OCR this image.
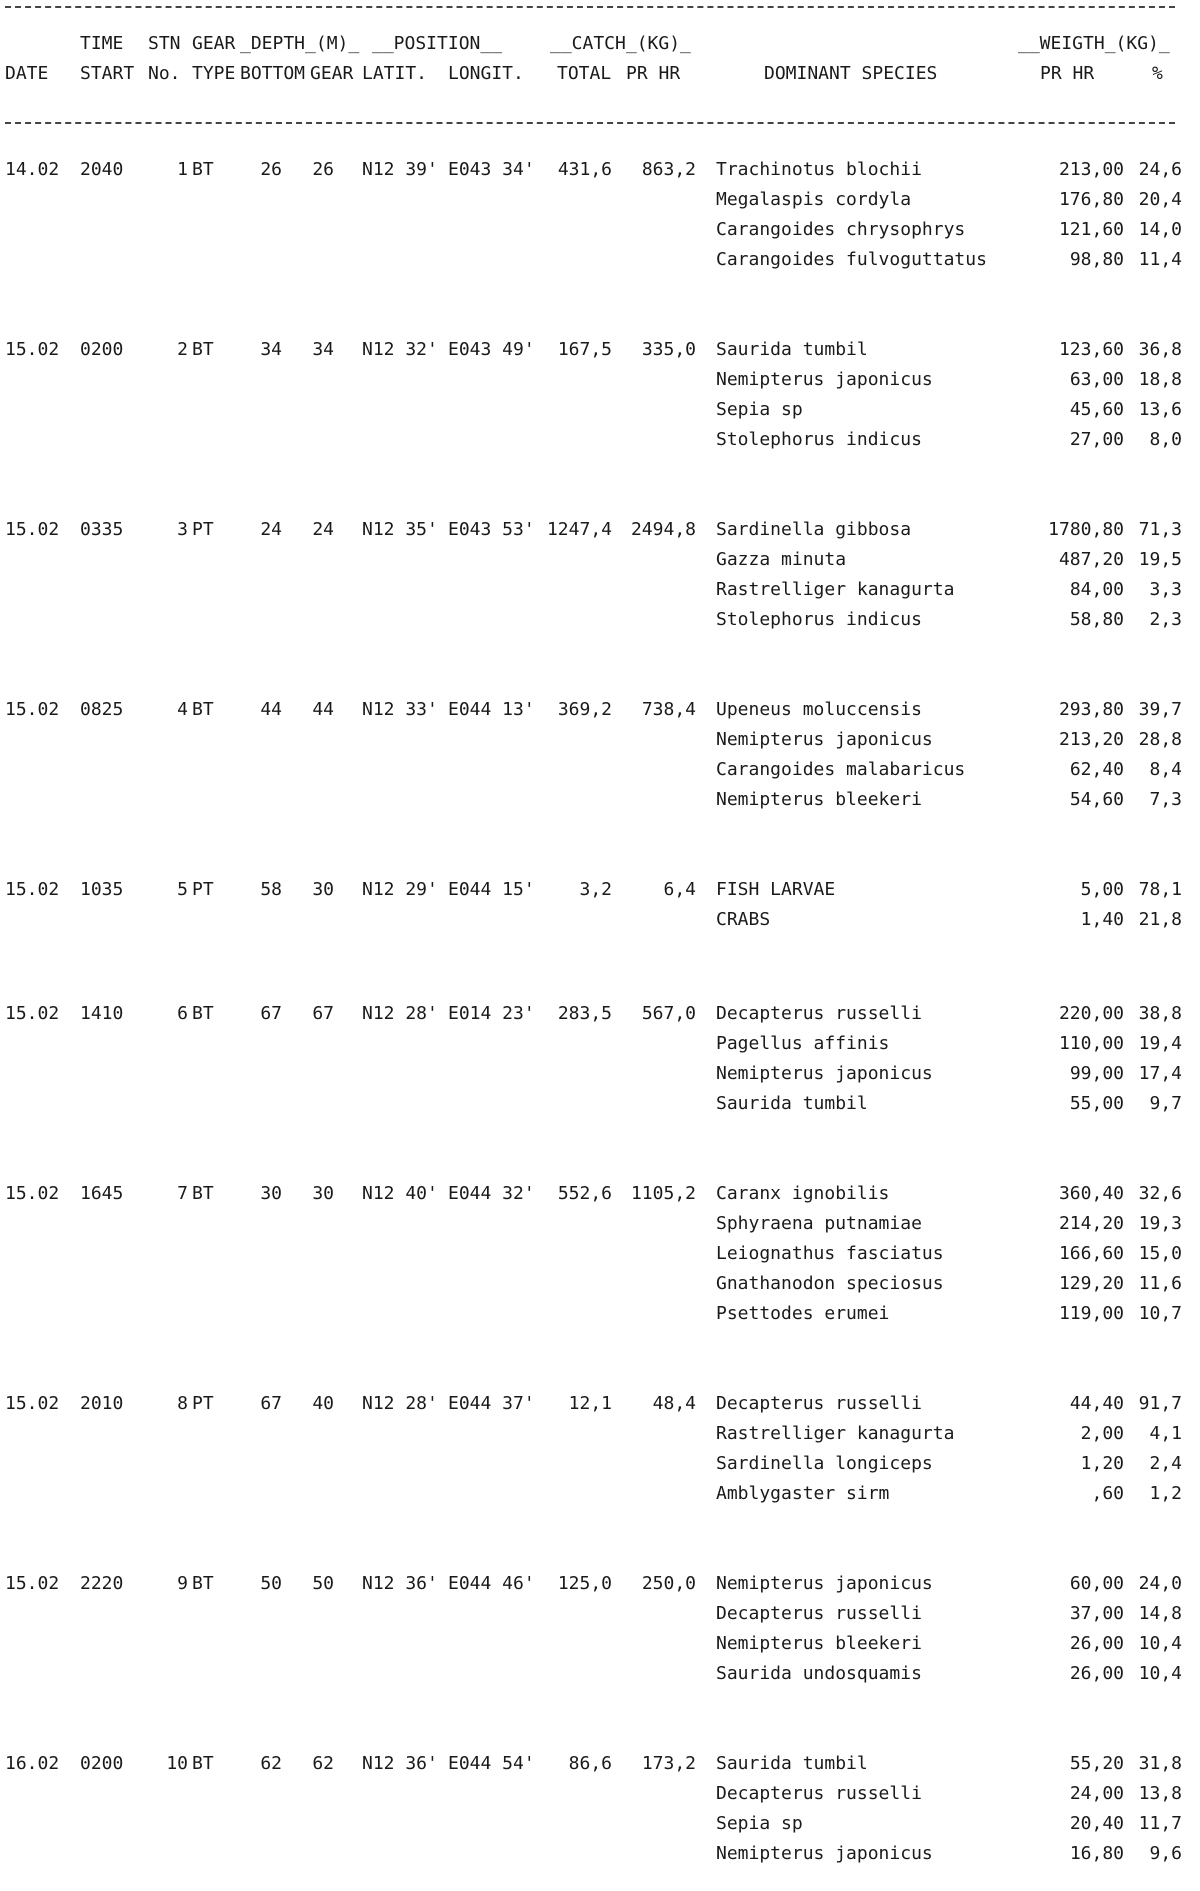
TIME STN GEAR _DEPTH_(M)_ __POSITION__	__CATCH_(KG)_	__WEIGTH_(KG)_
DATE START No. TYPE BOTTOM GEAR LATIT. LONGIT. TOTAL PR HR	DOMINANT SPECIES	PR HR	%
14.02 2040	1 BT	26	26 N12 39' E043 34'	431,6	863,2 Trachinotus blochii	213,00 24,6
Megalaspis cordyla	176,80 20,4
Carangoides chrysophrys	121,60 14,0
Carangoides fulvoguttatus	98,80 11,4
15.02 0200	2 BT	34	34 N12 32' E043 49'	167,5	335,0 Saurida tumbil	123,60 36,8
Nemipterus japonicus	63,00 18,8
Sepia sp	45,60 13,6
Stolephorus indicus	27,00	8,0
15.02 0335	3 PT	24	24 N12 35' E043 53' 1247,4	2494,8 Sardinella gibbosa	1780,80 71,3
Gazza minuta	487,20 19,5
Rastrelliger kanagurta	84,00	3,3
Stolephorus indicus	58,80	2,3
15.02 0825	4 BT	44	44 N12 33' E044 13'	369,2	738,4 Upeneus moluccensis	293,80 39,7
Nemipterus japonicus	213,20 28,8
Carangoides malabaricus	62,40	8,4
Nemipterus bleekeri	54,60	7,3
15.02 1035	5 PT	58	30 N12 29' E044 15'	3,2	6,4 FISH LARVAE	5,00 78,1
CRABS	1,40 21,8
15.02 1410	6 BT	67	67 N12 28' E014 23'	283,5	567,0 Decapterus russelli	220,00 38,8
Pagellus affinis	110,00 19,4
Nemipterus japonicus	99,00 17,4
Saurida tumbil	55,00	9,7
15.02 1645	7 BT	30	30 N12 40' E044 32'	552,6	1105,2 Caranx ignobilis	360,40 32,6
Sphyraena putnamiae	214,20 19,3
Leiognathus fasciatus	166,60 15,0
Gnathanodon speciosus	129,20 11,6
Psettodes erumei	119,00 10,7
15.02 2010	8 PT	67	40 N12 28' E044 37'	12,1	48,4 Decapterus russelli	44,40 91,7
Rastrelliger kanagurta	2,00	4,1
Sardinella longiceps	1,20	2,4
Amblygaster sirm	,60	1,2
15.02 2220	9 BT	50	50 N12 36' E044 46'	125,0	250,0 Nemipterus japonicus	60,00 24,0
Decapterus russelli	37,00 14,8
Nemipterus bleekeri	26,00 10,4
Saurida undosquamis	26,00 10,4
16.02 0200	10 BT	62	62 N12 36' E044 54'	86,6	173,2 Saurida tumbil	55,20 31,8
Decapterus russelli	24,00 13,8
Sepia sp	20,40 11,7
Nemipterus japonicus	16,80	9,6
